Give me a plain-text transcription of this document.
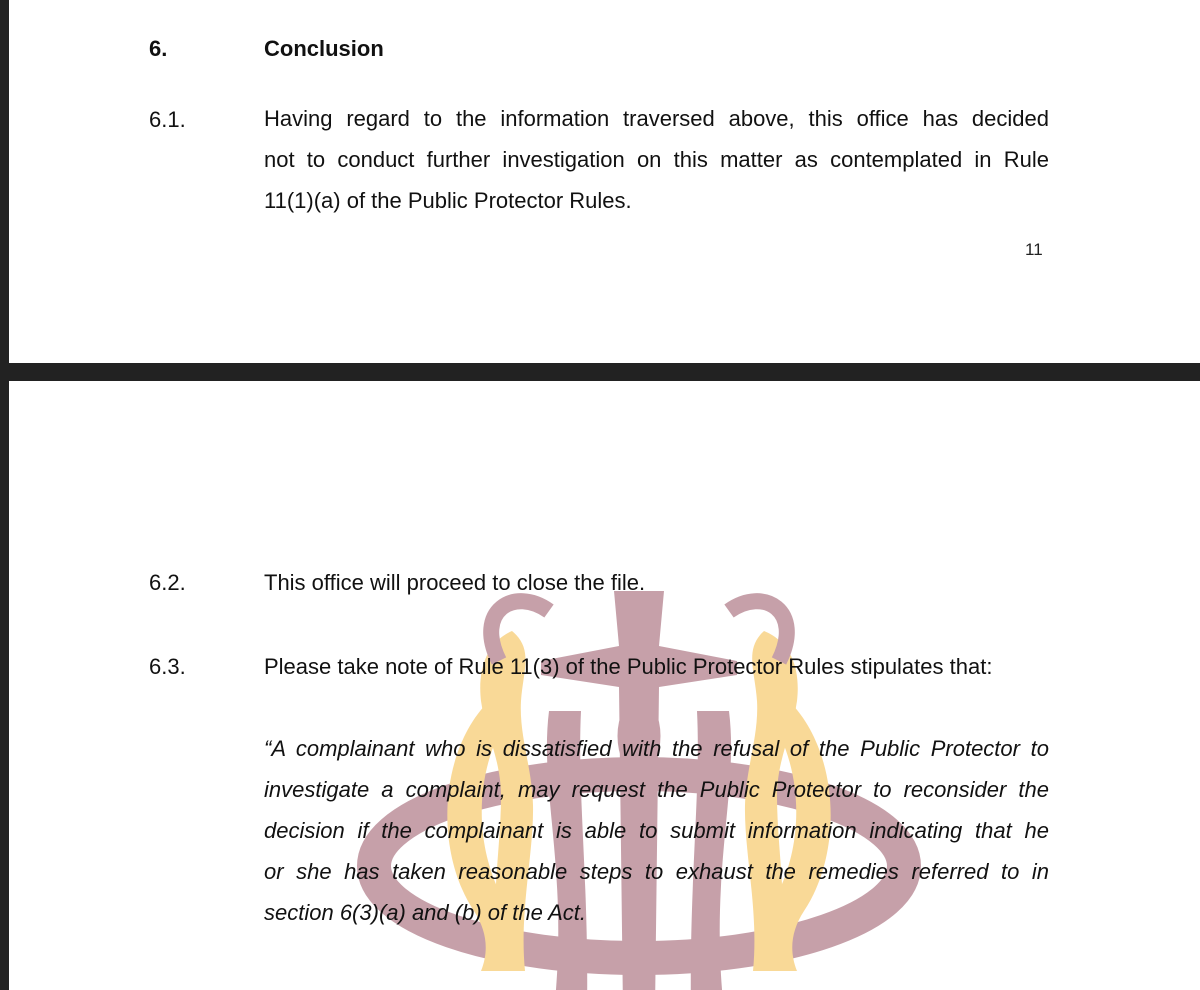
6.	Conclusion
6.1.	Having regard to the information traversed above, this office has decided
not to conduct further investigation on this matter as contemplated in Rule
11(1)(a) of the Public Protector Rules.
11
6.2.	This office will proceed to close the file.
6.3.	Please take note of Rule 11(3) of the Public Protector Rules stipulates that:
“A complainant who is dissatisfied with the refusal of the Public Protector to
investigate a complaint, may request the Public Protector to reconsider the
decision if the complainant is able to submit information indicating that he
or she has taken reasonable steps to exhaust the remedies referred to in
section 6(3)(a) and (b) of the Act.
